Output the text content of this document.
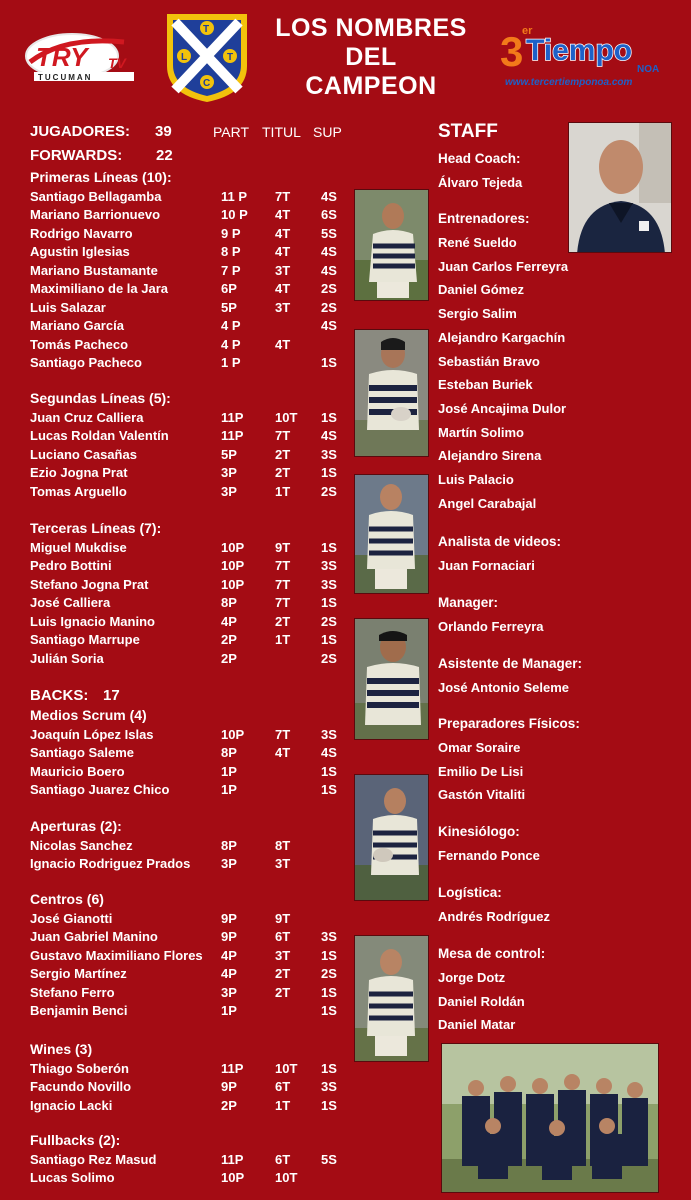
TRY TV
TUCUMAN
T
L	T
C
LOS NOMBRES
DEL
CAMPEON
3
er
Tiempo
NOA
www.tercertiemponoa.com
JUGADORES: 39	PART TITUL SUP
FORWARDS: 22
BACKS: 17
Primeras Líneas (10):
Santiago Bellagamba	11 P 7T 4S
Mariano Barrionuevo	10 P 4T 6S
Rodrigo Navarro	9 P	4T 5S
Agustin Iglesias	8 P	4T 4S
Mariano Bustamante	7 P	3T 4S
Maximiliano de la Jara	6P	4T 2S
Luis Salazar	5P	3T 2S
Mariano García	4 P	4S
Tomás Pacheco	4 P	4T
Santiago Pacheco	1 P	1S
Segundas Líneas (5):
Juan Cruz Calliera	11P 10T 1S
Lucas Roldan Valentín	11P 7T 4S
Luciano Casañas	5P	2T 3S
Ezio Jogna Prat	3P	2T 1S
Tomas Arguello	3P	1T 2S
Terceras Líneas (7):
Miguel Mukdise	10P 9T 1S
Pedro Bottini	10P 7T 3S
Stefano Jogna Prat	10P 7T 3S
José Calliera	8P	7T 1S
Luis Ignacio Manino	4P	2T 2S
Santiago Marrupe	2P	1T 1S
Julián Soria	2P	2S
Medios Scrum (4)
Joaquín López Islas	10P 7T 3S
Santiago Saleme	8P	4T 4S
Mauricio Boero	1P	1S
Santiago Juarez Chico	1P	1S
Aperturas (2):
Nicolas Sanchez	8P	8T
Ignacio Rodriguez Prados 3P	3T
Centros (6)
José Gianotti	9P	9T
Juan Gabriel Manino	9P	6T 3S
Gustavo Maximiliano Flores 4P	3T 1S
Sergio Martínez	4P	2T 2S
Stefano Ferro	3P	2T 1S
Benjamin Benci	1P	1S
Wines (3)
Thiago Soberón	11P 10T 1S
Facundo Novillo	9P	6T 3S
Ignacio Lacki	2P	1T 1S
Fullbacks (2):
Santiago Rez Masud	11P 6T 5S
Lucas Solimo	10P 10T
STAFF
Head Coach:
Álvaro Tejeda
Entrenadores:
René Sueldo
Juan Carlos Ferreyra
Daniel Gómez
Sergio Salim
Alejandro Kargachín
Sebastián Bravo
Esteban Buriek
José Ancajima Dulor
Martín Solimo
Alejandro Sirena
Luis Palacio
Angel Carabajal
Analista de videos:
Juan Fornaciari
Manager:
Orlando Ferreyra
Asistente de Manager:
José Antonio Seleme
Preparadores Físicos:
Omar Soraire
Emilio De Lisi
Gastón Vitaliti
Kinesiólogo:
Fernando Ponce
Logística:
Andrés Rodríguez
Mesa de control:
Jorge Dotz
Daniel Roldán
Daniel Matar
